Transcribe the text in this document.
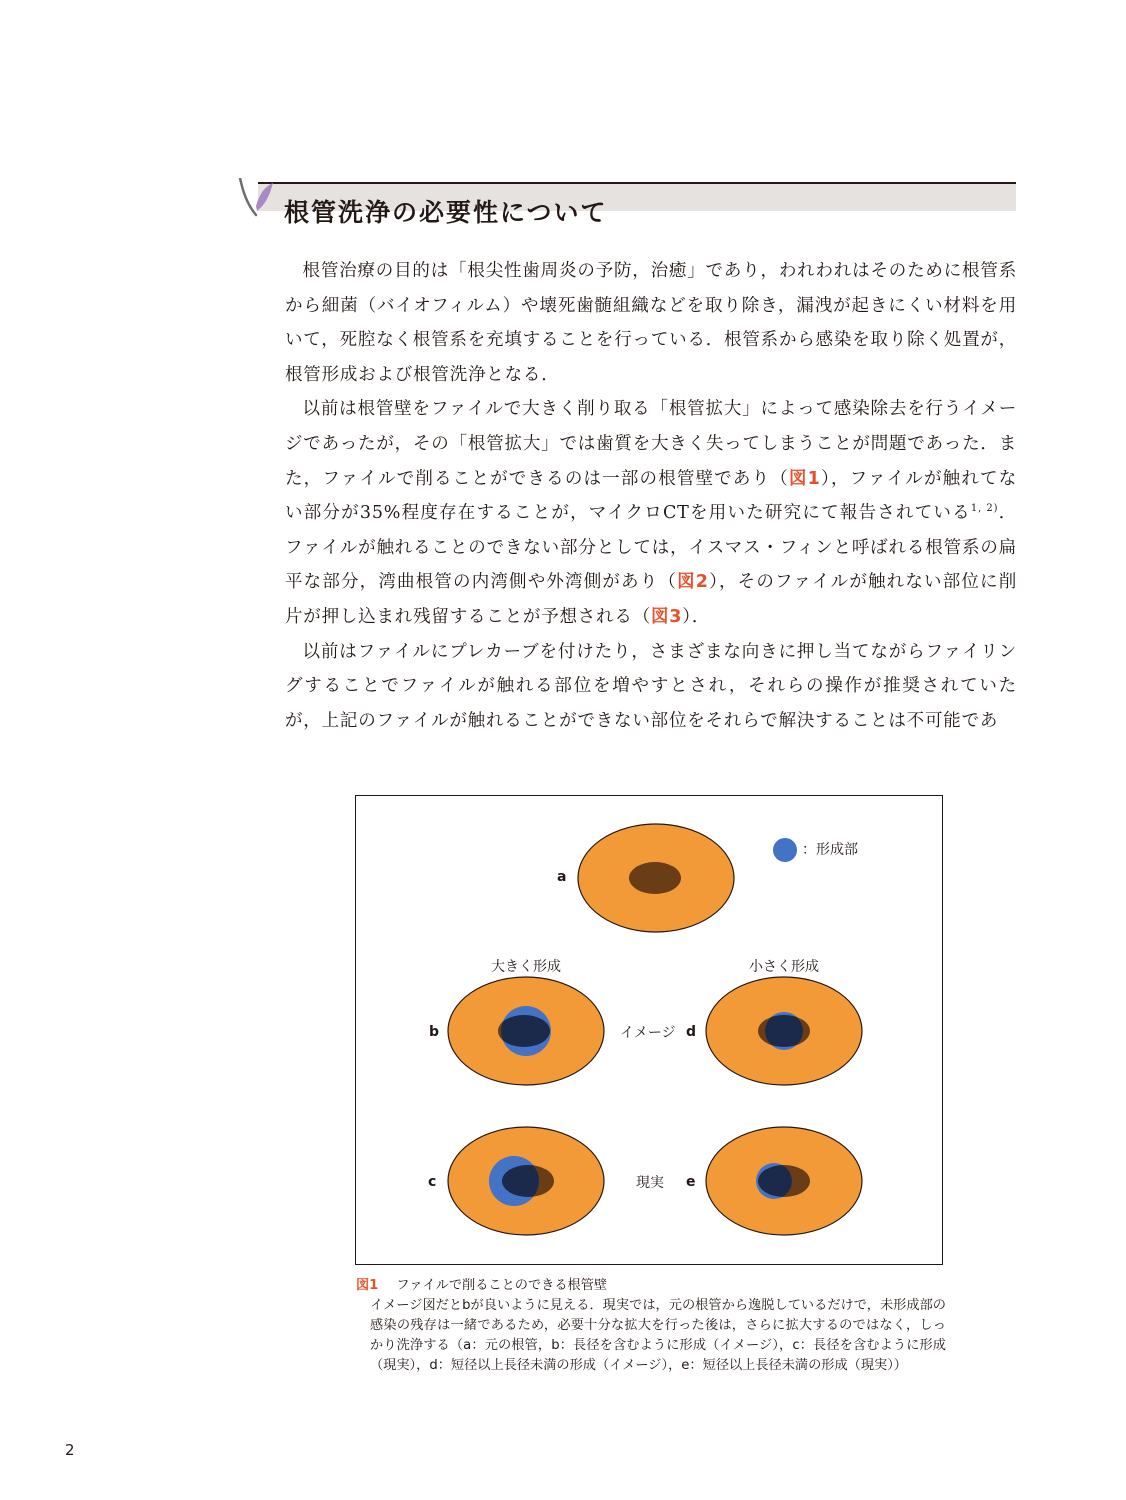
根管洗浄の必要性について

根管治療の目的は「根尖性歯周炎の予防，治癒」であり，われわれはそのために根管系から細菌（バイオフィルム）や壊死歯髄組織などを取り除き，漏洩が起きにくい材料を用いて，死腔なく根管系を充填することを行っている．根管系から感染を取り除く処置が，根管形成および根管洗浄となる．

以前は根管壁をファイルで大きく削り取る「根管拡大」によって感染除去を行うイメージであったが，その「根管拡大」では歯質を大きく失ってしまうことが問題であった．また，ファイルで削ることができるのは一部の根管壁であり（図1），ファイルが触れてない部分が35%程度存在することが，マイクロCTを用いた研究にて報告されている$^{1, 2)}$．ファイルが触れることのできない部分としては，イスマス・フィンと呼ばれる根管系の扁平な部分，湾曲根管の内湾側や外湾側があり（図2），そのファイルが触れない部位に削片が押し込まれ残留することが予想される（図3）．

以前はファイルにプレカーブを付けたり，さまざまな向きに押し当てながらファイリングすることでファイルが触れる部位を増やすとされ，それらの操作が推奨されていたが，上記のファイルが触れることができない部位をそれらで解決することは不可能であ

：形成部
a
大きく形成	小さく形成
b	イメージ d
c	現実 e
図1 ファイルで削ることのできる根管壁
イメージ図だとbが良いように見える．現実では，元の根管から逸脱しているだけで，未形成部の感染の残存は一緒であるため，必要十分な拡大を行った後は，さらに拡大するのではなく，しっかり洗浄する（a：元の根管，b：長径を含むように形成（イメージ），c：長径を含むように形成（現実），d：短径以上長径未満の形成（イメージ），e：短径以上長径未満の形成（現実））
2
